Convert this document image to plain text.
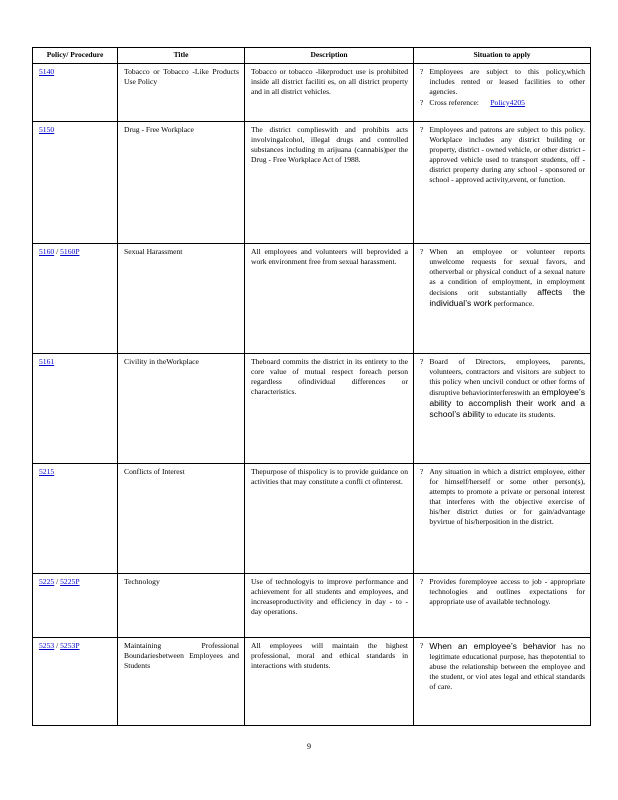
Policy/ Procedure	Title	Description	Situation to apply
5140	Tobacco or Tobacco -Like Products Use Policy	Tobacco or tobacco -likeproduct use is prohibited inside all district faciliti es, on all district property and in all district vehicles.	? Employees are subject to this policy,which includes rented or leased facilities to other agencies.
? Cross reference: Policy4205

5150	Drug - Free Workplace	The district complieswith and prohibits acts involvingalcohol, illegal drugs and controlled substances including m arijuana (cannabis)per the Drug - Free Workplace Act of 1988.	? Employees and patrons are subject to this policy. Workplace includes any district building or property, district - owned vehicle, or other district - approved vehicle used to transport students, off - district property during any school - sponsored or school - approved activity,event, or function.

5160 / 5160P	Sexual Harassment	All employees and volunteers will beprovided a work environment free from sexual harassment.	? When an employee or volunteer reports unwelcome requests for sexual favors, and otherverbal or physical conduct of a sexual nature as a condition of employment, in employment decisions orit substantially affects the individual’s work performance.

5161	Civility in theWorkplace	Theboard commits the district in its entirety to the core value of mutual respect foreach person regardless ofindividual differences or characteristics.	? Board of Directors, employees, parents, volunteers, contractors and visitors are subject to this policy when uncivil conduct or other forms of disruptive behaviorinterfereswith an employee’s ability to accomplish their work and a school’s ability to educate its students.

5215	Conflicts of Interest	Thepurpose of thispolicy is to provide guidance on activities that may constitute a confli ct ofinterest.	? Any situation in which a district employee, either for himself/herself or some other person(s), attempts to promote a private or personal interest that interferes with the objective exercise of his/her district duties or for gain/advantage byvirtue of his/herposition in the district.

5225 / 5225P	Technology	Use of technologyis to improve performance and achievement for all students and employees, and increaseproductivity and efficiency in day - to - day operations.	? Provides foremployee access to job - appropriate technologies and outlines expectations for appropriate use of available technology.

5253 / 5253P	Maintaining Professional Boundariesbetween Employees and Students	All employees will maintain the highest professional, moral and ethical standards in interactions with students.	? When an employee’s behavior has no legitimate educational purpose, has thepotential to abuse the relationship between the employee and the student, or viol ates legal and ethical standards of care.
9
